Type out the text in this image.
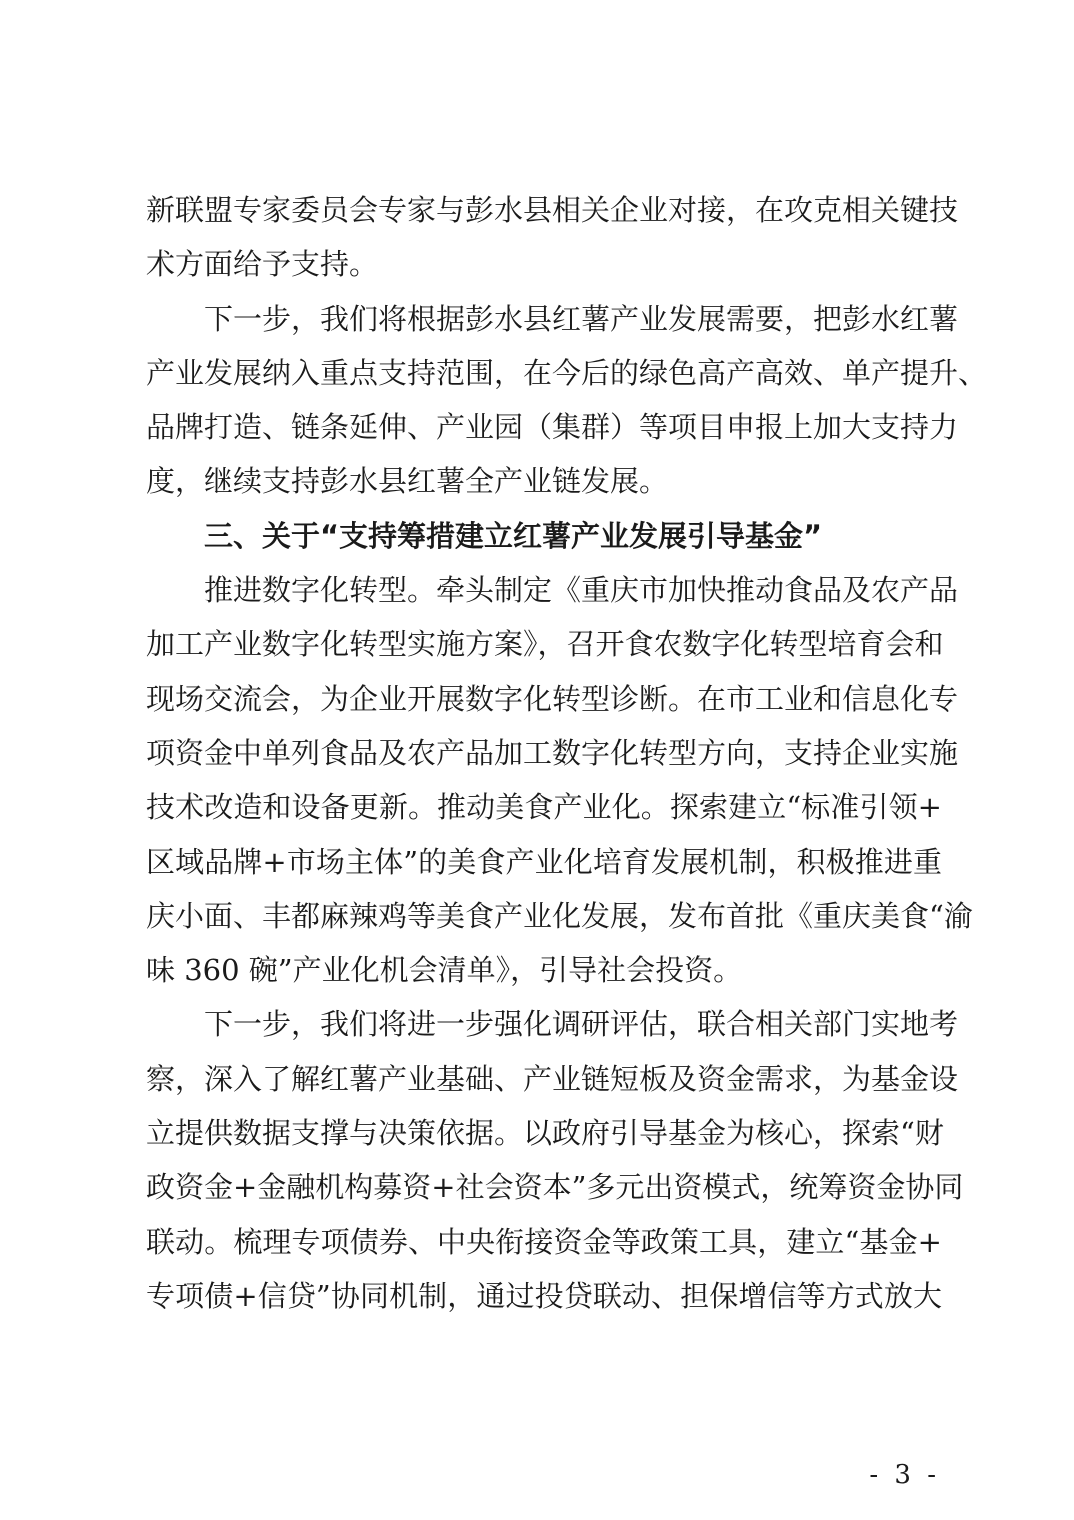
新联盟专家委员会专家与彭水县相关企业对接，在攻克相关键技
术方面给予支持。
下一步，我们将根据彭水县红薯产业发展需要，把彭水红薯
产业发展纳入重点支持范围，在今后的绿色高产高效、单产提升、
品牌打造、链条延伸、产业园（集群）等项目申报上加大支持力
度，继续支持彭水县红薯全产业链发展。
三、关于“支持筹措建立红薯产业发展引导基金”
推进数字化转型。牵头制定《重庆市加快推动食品及农产品
加工产业数字化转型实施方案》，召开食农数字化转型培育会和
现场交流会，为企业开展数字化转型诊断。在市工业和信息化专
项资金中单列食品及农产品加工数字化转型方向，支持企业实施
技术改造和设备更新。推动美食产业化。探索建立“标准引领+
区域品牌+市场主体”的美食产业化培育发展机制，积极推进重
庆小面、丰都麻辣鸡等美食产业化发展，发布首批《重庆美食“渝
味 360 碗”产业化机会清单》，引导社会投资。
下一步，我们将进一步强化调研评估，联合相关部门实地考
察，深入了解红薯产业基础、产业链短板及资金需求，为基金设
立提供数据支撑与决策依据。以政府引导基金为核心，探索“财
政资金+金融机构募资+社会资本”多元出资模式，统筹资金协同
联动。梳理专项债券、中央衔接资金等政策工具，建立“基金+
专项债+信贷”协同机制，通过投贷联动、担保增信等方式放大
- 3 -
